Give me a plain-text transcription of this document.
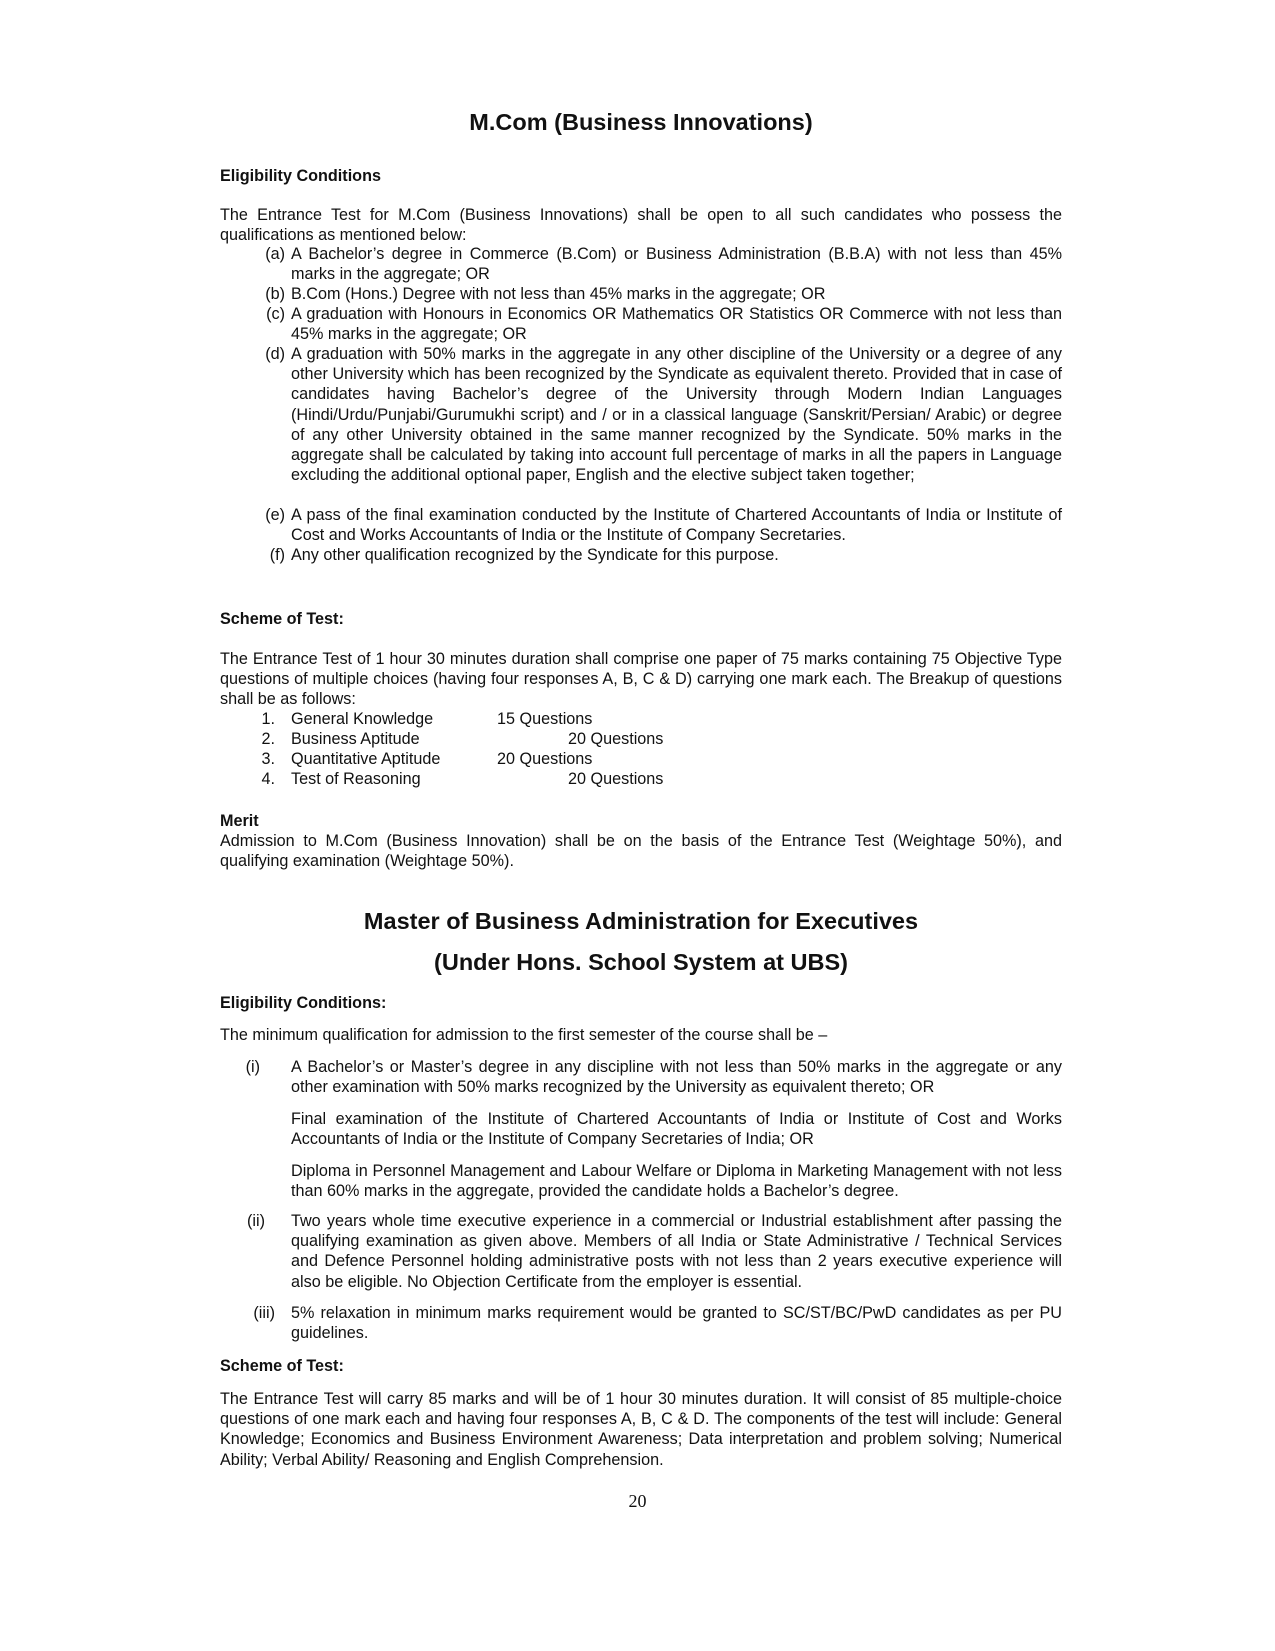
M.Com (Business Innovations)
Eligibility Conditions

The Entrance Test for M.Com (Business Innovations) shall be open to all such candidates who possess the qualifications as mentioned below:

(a) A Bachelor’s degree in Commerce (B.Com) or Business Administration (B.B.A) with not less than 45% marks in the aggregate; OR
(b) B.Com (Hons.) Degree with not less than 45% marks in the aggregate; OR
(c) A graduation with Honours in Economics OR Mathematics OR Statistics OR Commerce with not less than 45% marks in the aggregate; OR
(d) A graduation with 50% marks in the aggregate in any other discipline of the University or a degree of any other University which has been recognized by the Syndicate as equivalent thereto. Provided that in case of candidates having Bachelor’s degree of the University through Modern Indian Languages (Hindi/Urdu/Punjabi/Gurumukhi script) and / or in a classical language (Sanskrit/Persian/ Arabic) or degree of any other University obtained in the same manner recognized by the Syndicate. 50% marks in the aggregate shall be calculated by taking into account full percentage of marks in all the papers in Language excluding the additional optional paper, English and the elective subject taken together;
(e) A pass of the final examination conducted by the Institute of Chartered Accountants of India or Institute of Cost and Works Accountants of India or the Institute of Company Secretaries.
(f) Any other qualification recognized by the Syndicate for this purpose.
Scheme of Test:

The Entrance Test of 1 hour 30 minutes duration shall comprise one paper of 75 marks containing 75 Objective Type questions of multiple choices (having four responses A, B, C & D) carrying one mark each. The Breakup of questions shall be as follows:

1. General Knowledge	15 Questions
2. Business Aptitude	20 Questions
3. Quantitative Aptitude	20 Questions
4. Test of Reasoning	20 Questions
Merit

Admission to M.Com (Business Innovation) shall be on the basis of the Entrance Test (Weightage 50%), and qualifying examination (Weightage 50%).

Master of Business Administration for Executives
(Under Hons. School System at UBS)
Eligibility Conditions:

The minimum qualification for admission to the first semester of the course shall be –

(i) A Bachelor’s or Master’s degree in any discipline with not less than 50% marks in the aggregate or any other examination with 50% marks recognized by the University as equivalent thereto; OR
Final examination of the Institute of Chartered Accountants of India or Institute of Cost and Works Accountants of India or the Institute of Company Secretaries of India; OR
Diploma in Personnel Management and Labour Welfare or Diploma in Marketing Management with not less than 60% marks in the aggregate, provided the candidate holds a Bachelor’s degree.
(ii) Two years whole time executive experience in a commercial or Industrial establishment after passing the qualifying examination as given above. Members of all India or State Administrative / Technical Services and Defence Personnel holding administrative posts with not less than 2 years executive experience will also be eligible. No Objection Certificate from the employer is essential.
(iii) 5% relaxation in minimum marks requirement would be granted to SC/ST/BC/PwD candidates as per PU guidelines.
Scheme of Test:

The Entrance Test will carry 85 marks and will be of 1 hour 30 minutes duration. It will consist of 85 multiple-choice questions of one mark each and having four responses A, B, C & D. The components of the test will include: General Knowledge; Economics and Business Environment Awareness; Data interpretation and problem solving; Numerical Ability; Verbal Ability/ Reasoning and English Comprehension.

20
